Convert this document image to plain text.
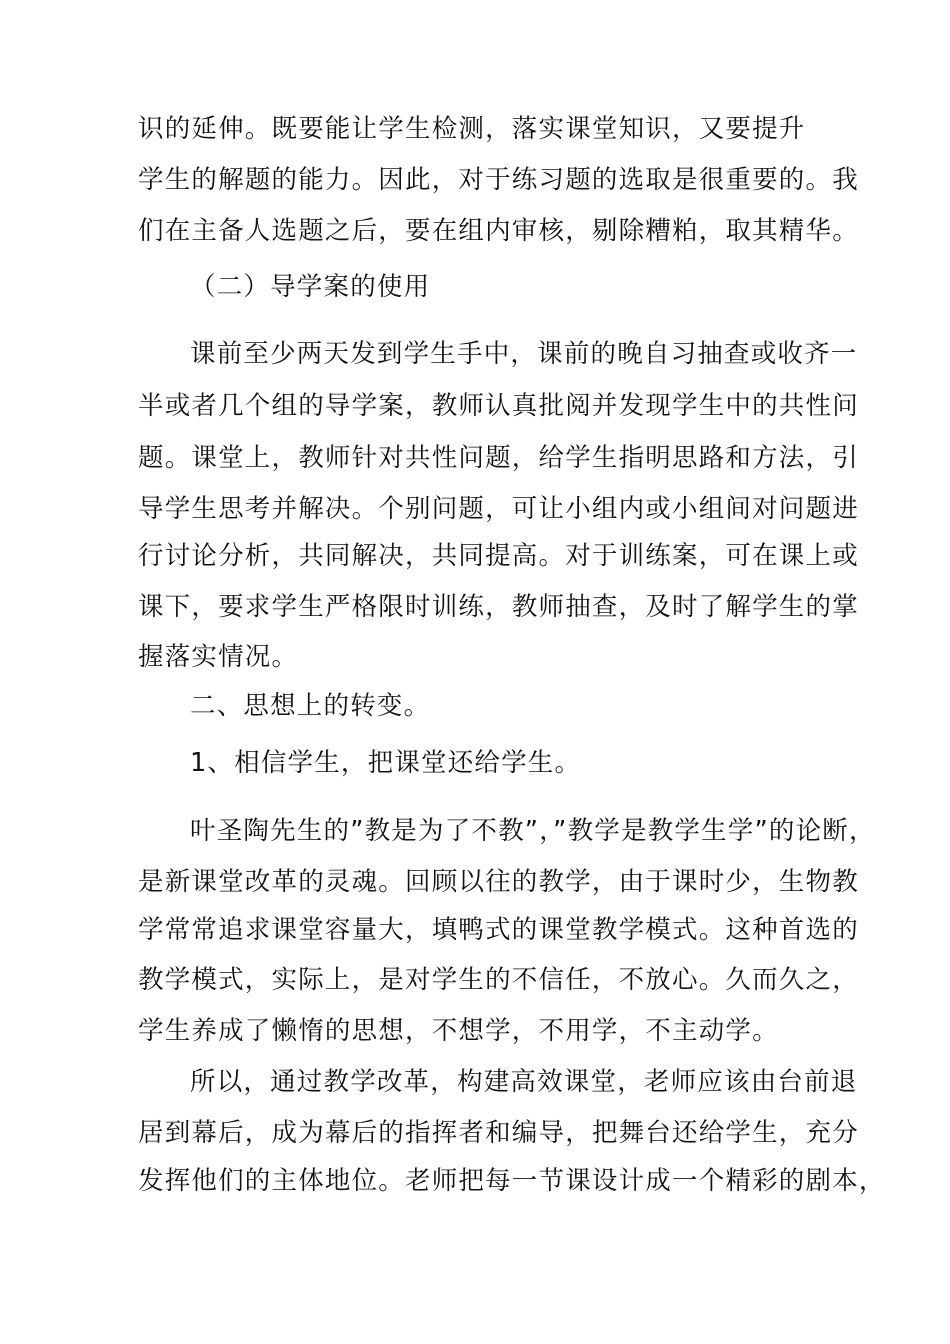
识的延伸。既要能让学生检测，落实课堂知识，又要提升
学生的解题的能力。因此，对于练习题的选取是很重要的。我
们在主备人选题之后，要在组内审核，剔除糟粕，取其精华。
（二）导学案的使用
课前至少两天发到学生手中，课前的晚自习抽查或收齐一
半或者几个组的导学案，教师认真批阅并发现学生中的共性问
题。课堂上，教师针对共性问题，给学生指明思路和方法，引
导学生思考并解决。个别问题，可让小组内或小组间对问题进
行讨论分析，共同解决，共同提高。对于训练案，可在课上或
课下，要求学生严格限时训练，教师抽查，及时了解学生的掌
握落实情况。
二、思想上的转变。
1、相信学生，把课堂还给学生。
叶圣陶先生的”教是为了不教”，”教学是教学生学”的论断，
是新课堂改革的灵魂。回顾以往的教学，由于课时少，生物教
学常常追求课堂容量大，填鸭式的课堂教学模式。这种首选的
教学模式，实际上，是对学生的不信任，不放心。久而久之，
学生养成了懒惰的思想，不想学，不用学，不主动学。
所以，通过教学改革，构建高效课堂，老师应该由台前退
居到幕后，成为幕后的指挥者和编导，把舞台还给学生，充分
发挥他们的主体地位。老师把每一节课设计成一个精彩的剧本，
